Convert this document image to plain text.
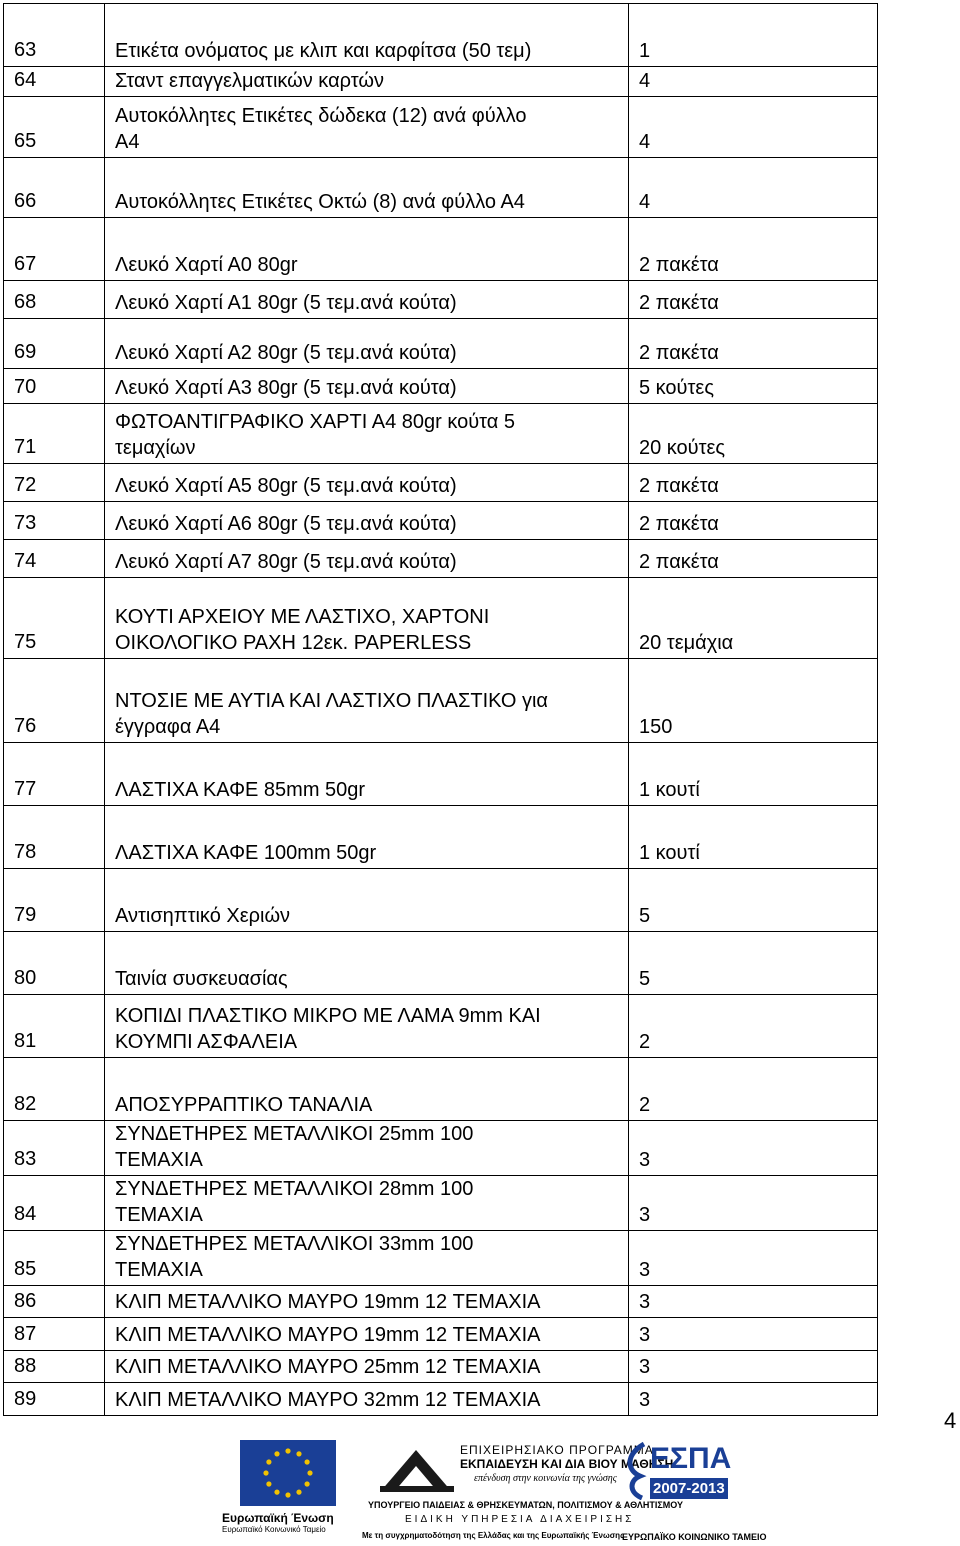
63	Ετικέτα ονόματος με κλιπ και καρφίτσα (50 τεμ)	1
64	Σταντ επαγγελματικών καρτών	4
65	Αυτοκόλλητες Ετικέτες δώδεκα (12) ανά φύλλο
Α4	4

66	Αυτοκόλλητες Ετικέτες Οκτώ (8) ανά φύλλο Α4	4

67	Λευκό Χαρτί Α0 80gr	2 πακέτα

68	Λευκό Χαρτί Α1 80gr (5 τεμ.ανά κούτα)	2 πακέτα
69	Λευκό Χαρτί Α2 80gr (5 τεμ.ανά κούτα)	2 πακέτα

70	Λευκό Χαρτί Α3 80gr (5 τεμ.ανά κούτα)	5 κούτες
71	ΦΩΤΟΑΝΤΙΓΡΑΦΙΚΟ ΧΑΡΤΙ Α4 80gr κούτα 5
τεμαχίων	20 κούτες
72	Λευκό Χαρτί Α5 80gr (5 τεμ.ανά κούτα)	2 πακέτα
73	Λευκό Χαρτί Α6 80gr (5 τεμ.ανά κούτα)	2 πακέτα
74	Λευκό Χαρτί Α7 80gr (5 τεμ.ανά κούτα)	2 πακέτα
75	ΚΟΥΤΙ ΑΡΧΕΙΟΥ ΜΕ ΛΑΣΤΙΧΟ, ΧΑΡΤΟΝΙ
ΟΙΚΟΛΟΓΙΚΟ ΡΑΧΗ 12εκ. PAPERLESS	20 τεμάχια
76	ΝΤΟΣΙΕ ΜΕ ΑΥΤΙΑ ΚΑΙ ΛΑΣΤΙΧΟ ΠΛΑΣΤΙΚΟ για
έγγραφα Α4	150
77	ΛΑΣΤΙΧΑ ΚΑΦΕ 85mm 50gr	1 κουτί
78	ΛΑΣΤΙΧΑ ΚΑΦΕ 100mm 50gr	1 κουτί
79	Αντισηπτικό Χεριών	5
80	Ταινία συσκευασίας	5
81	ΚΟΠΙΔΙ ΠΛΑΣΤΙΚΟ ΜΙΚΡΟ ΜΕ ΛΑΜΑ 9mm ΚΑΙ
ΚΟΥΜΠΙ ΑΣΦΑΛΕΙΑ	2
82	ΑΠΟΣΥΡΡΑΠΤΙΚΟ ΤΑΝΑΛΙΑ	2
83	ΣΥΝΔΕΤΗΡΕΣ ΜΕΤΑΛΛΙΚΟΙ 25mm 100
ΤΕΜΑΧΙΑ	3

84	ΣΥΝΔΕΤΗΡΕΣ ΜΕΤΑΛΛΙΚΟΙ 28mm 100
ΤΕΜΑΧΙΑ	3

85	ΣΥΝΔΕΤΗΡΕΣ ΜΕΤΑΛΛΙΚΟΙ 33mm 100
ΤΕΜΑΧΙΑ	3

86	ΚΛΙΠ ΜΕΤΑΛΛΙΚΟ ΜΑΥΡΟ 19mm 12 ΤΕΜΑΧΙΑ	3
87	ΚΛΙΠ ΜΕΤΑΛΛΙΚΟ ΜΑΥΡΟ 19mm 12 ΤΕΜΑΧΙΑ	3
88	ΚΛΙΠ ΜΕΤΑΛΛΙΚΟ ΜΑΥΡΟ 25mm 12 ΤΕΜΑΧΙΑ	3
89	ΚΛΙΠ ΜΕΤΑΛΛΙΚΟ ΜΑΥΡΟ 32mm 12 ΤΕΜΑΧΙΑ	3
4
Ευρωπαϊκή Ένωση
Ευρωπαϊκό Κοινωνικό Ταμείο
ΕΠΙΧΕΙΡΗΣΙΑΚΟ ΠΡΟΓΡΑΜΜΑ
ΕΚΠΑΙΔΕΥΣΗ ΚΑΙ ΔΙΑ ΒΙΟΥ ΜΑΘΗΣΗ
επένδυση στην κοινωνία της γνώσης
ΥΠΟΥΡΓΕΙΟ ΠΑΙΔΕΙΑΣ & ΘΡΗΣΚΕΥΜΑΤΩΝ, ΠΟΛΙΤΙΣΜΟΥ & ΑΘΛΗΤΙΣΜΟΥ
ΕΙΔΙΚΗ ΥΠΗΡΕΣΙΑ ΔΙΑΧΕΙΡΙΣΗΣ
Με τη συγχρηματοδότηση της Ελλάδας και της Ευρωπαϊκής Ένωσης
ΕΣΠΑ
2007-2013
ΕΥΡΩΠΑΪΚΟ ΚΟΙΝΩΝΙΚΟ ΤΑΜΕΙΟ
